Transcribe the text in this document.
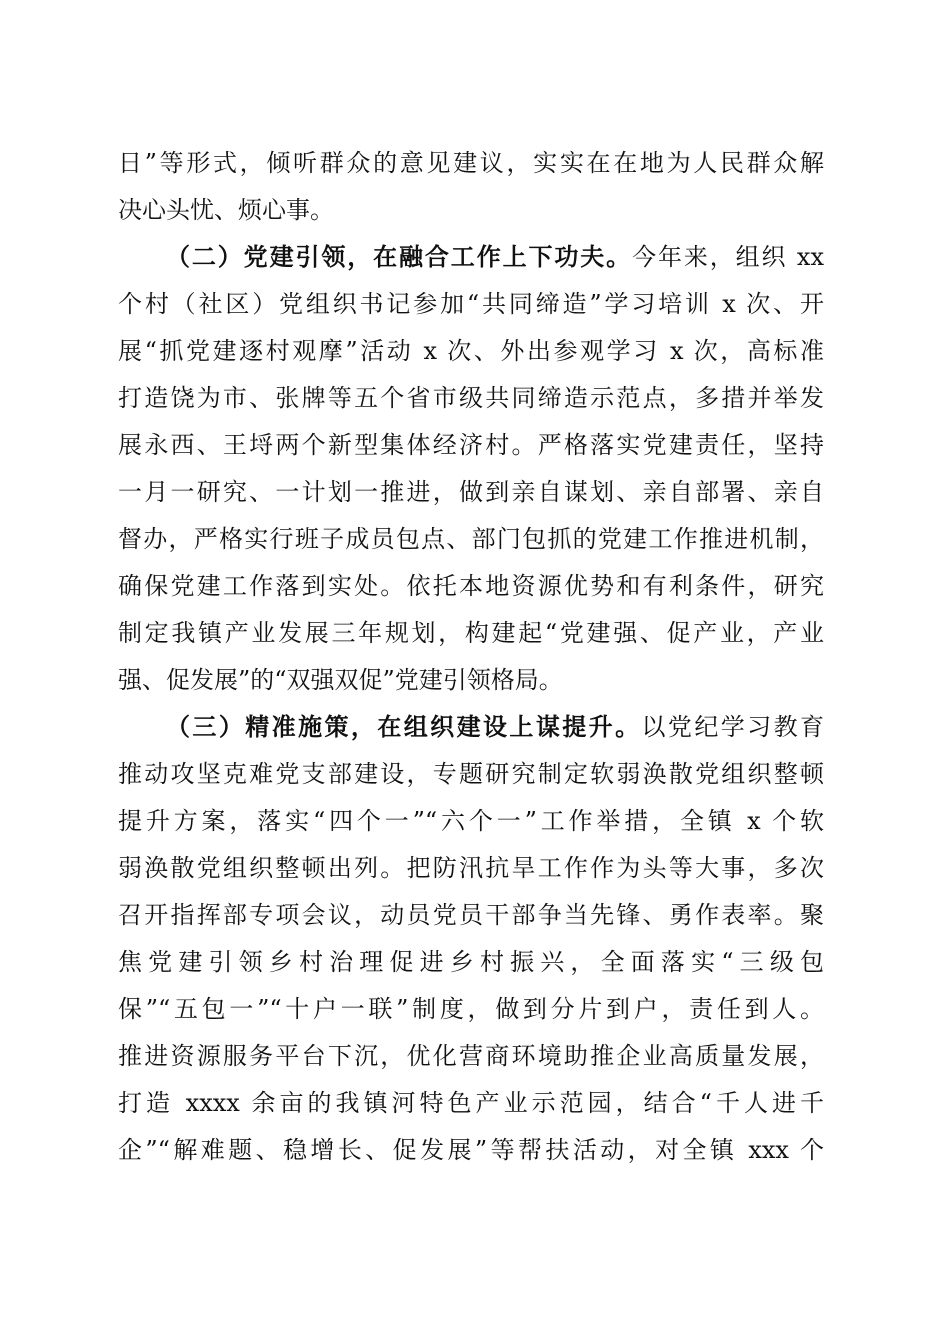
日”等形式，倾听群众的意见建议，实实在在地为人民群众解
决心头忧、烦心事。
（二）党建引领，在融合工作上下功夫。今年来，组织 xx
个村（社区）党组织书记参加“共同缔造”学习培训 x 次、开
展“抓党建逐村观摩”活动 x 次、外出参观学习 x 次，高标准
打造饶为市、张牌等五个省市级共同缔造示范点，多措并举发
展永西、王埒两个新型集体经济村。严格落实党建责任，坚持
一月一研究、一计划一推进，做到亲自谋划、亲自部署、亲自
督办，严格实行班子成员包点、部门包抓的党建工作推进机制，
确保党建工作落到实处。依托本地资源优势和有利条件，研究
制定我镇产业发展三年规划，构建起“党建强、促产业，产业
强、促发展”的“双强双促”党建引领格局。
（三）精准施策，在组织建设上谋提升。以党纪学习教育
推动攻坚克难党支部建设，专题研究制定软弱涣散党组织整顿
提升方案，落实“四个一”“六个一”工作举措，全镇 x 个软
弱涣散党组织整顿出列。把防汛抗旱工作作为头等大事，多次
召开指挥部专项会议，动员党员干部争当先锋、勇作表率。聚
焦党建引领乡村治理促进乡村振兴，全面落实“三级包
保”“五包一”“十户一联”制度，做到分片到户，责任到人。
推进资源服务平台下沉，优化营商环境助推企业高质量发展，
打造 xxxx 余亩的我镇河特色产业示范园，结合“千人进千
企”“解难题、稳增长、促发展”等帮扶活动，对全镇 xxx 个
